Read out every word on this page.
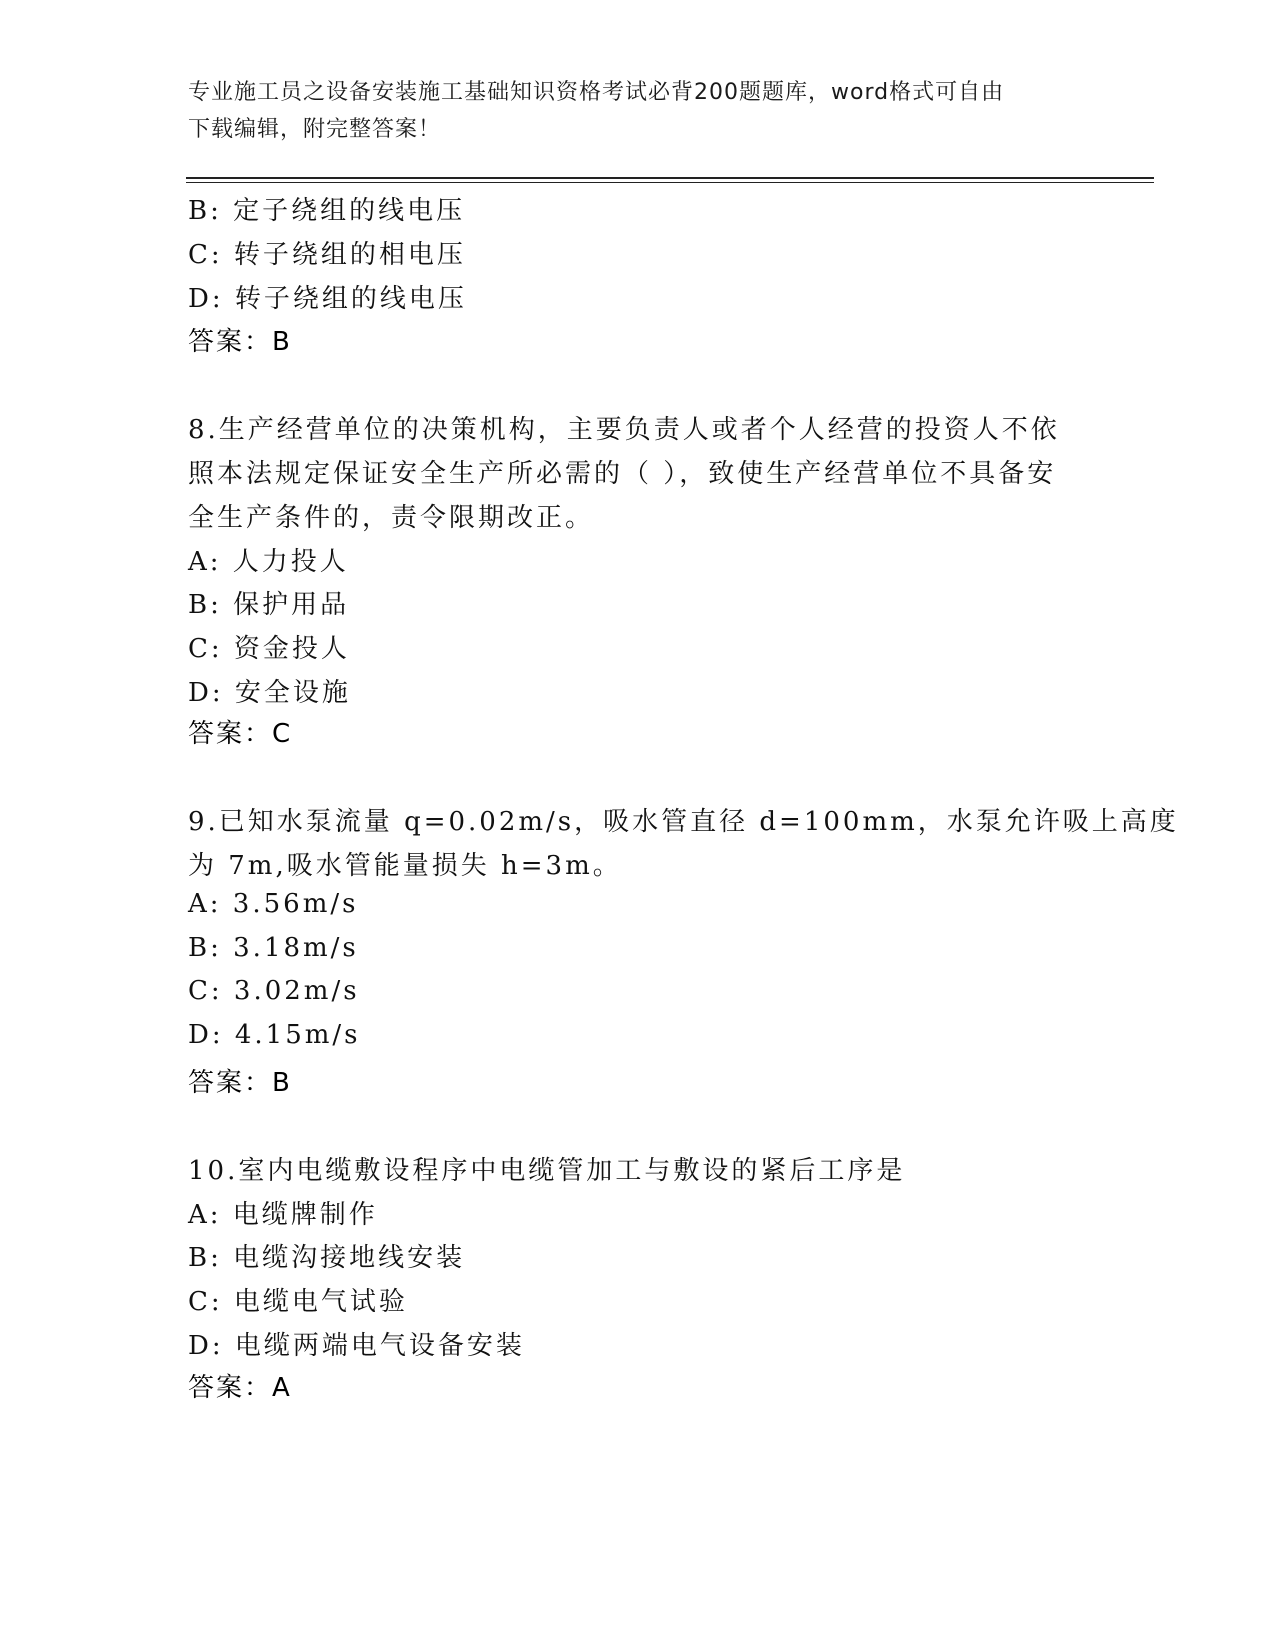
专业施工员之设备安装施工基础知识资格考试必背200题题库，word格式可自由
下载编辑，附完整答案！
B: 定子绕组的线电压
C: 转子绕组的相电压
D: 转子绕组的线电压
答案：B
8.生产经营单位的决策机构，主要负责人或者个人经营的投资人不依
照本法规定保证安全生产所必需的（ ），致使生产经营单位不具备安
全生产条件的，责令限期改正。
A: 人力投人
B: 保护用品
C: 资金投人
D: 安全设施
答案：C
9.已知水泵流量 q=0.02m/s，吸水管直径 d=100mm，水泵允许吸上高度
为 7m,吸水管能量损失 h=3m。
A: 3.56m/s
B: 3.18m/s
C: 3.02m/s
D: 4.15m/s
答案：B
10.室内电缆敷设程序中电缆管加工与敷设的紧后工序是
A: 电缆牌制作
B: 电缆沟接地线安装
C: 电缆电气试验
D: 电缆两端电气设备安装
答案：A
